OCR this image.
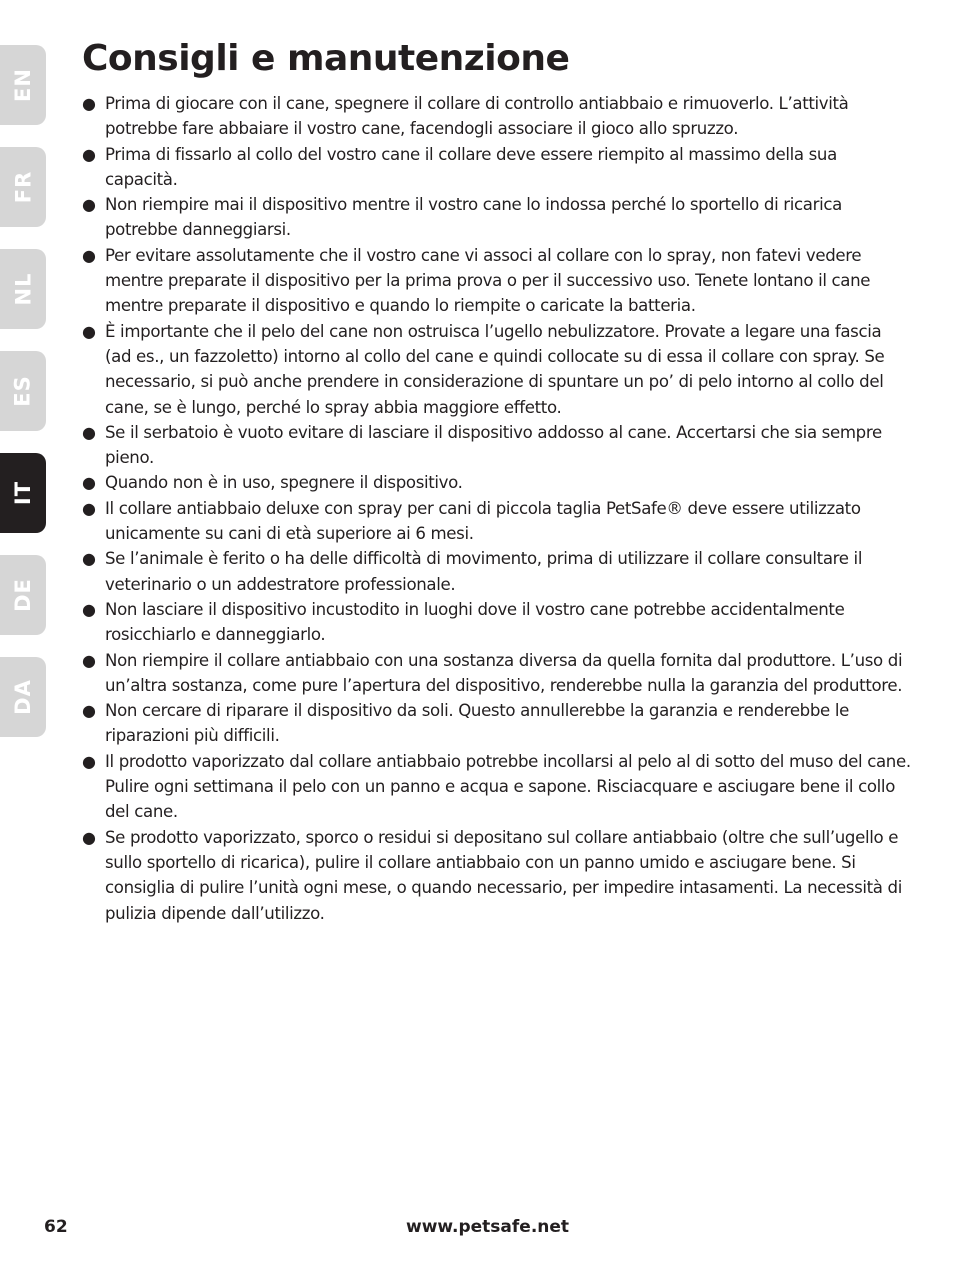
EN
FR
NL
ES
IT
DE
DA
Consigli e manutenzione
● Prima di giocare con il cane, spegnere il collare di controllo antiabbaio e rimuoverlo. L’attività potrebbe fare abbaiare il vostro cane, facendogli associare il gioco allo spruzzo.
● Prima di fissarlo al collo del vostro cane il collare deve essere riempito al massimo della sua capacità.
● Non riempire mai il dispositivo mentre il vostro cane lo indossa perché lo sportello di ricarica potrebbe danneggiarsi.
● Per evitare assolutamente che il vostro cane vi associ al collare con lo spray, non fatevi vedere mentre preparate il dispositivo per la prima prova o per il successivo uso. Tenete lontano il cane mentre preparate il dispositivo e quando lo riempite o caricate la batteria.
● È importante che il pelo del cane non ostruisca l’ugello nebulizzatore. Provate a legare una fascia (ad es., un fazzoletto) intorno al collo del cane e quindi collocate su di essa il collare con spray. Se necessario, si può anche prendere in considerazione di spuntare un po’ di pelo intorno al collo del cane, se è lungo, perché lo spray abbia maggiore effetto.
● Se il serbatoio è vuoto evitare di lasciare il dispositivo addosso al cane. Accertarsi che sia sempre pieno.
● Quando non è in uso, spegnere il dispositivo.
● Il collare antiabbaio deluxe con spray per cani di piccola taglia PetSafe® deve essere utilizzato unicamente su cani di età superiore ai 6 mesi.
● Se l’animale è ferito o ha delle difficoltà di movimento, prima di utilizzare il collare consultare il veterinario o un addestratore professionale.
● Non lasciare il dispositivo incustodito in luoghi dove il vostro cane potrebbe accidentalmente rosicchiarlo e danneggiarlo.
● Non riempire il collare antiabbaio con una sostanza diversa da quella fornita dal produttore. L’uso di un’altra sostanza, come pure l’apertura del dispositivo, renderebbe nulla la garanzia del produttore.
● Non cercare di riparare il dispositivo da soli. Questo annullerebbe la garanzia e renderebbe le riparazioni più difficili.
● Il prodotto vaporizzato dal collare antiabbaio potrebbe incollarsi al pelo al di sotto del muso del cane. Pulire ogni settimana il pelo con un panno e acqua e sapone. Risciacquare e asciugare bene il collo del cane.
● Se prodotto vaporizzato, sporco o residui si depositano sul collare antiabbaio (oltre che sull’ugello e sullo sportello di ricarica), pulire il collare antiabbaio con un panno umido e asciugare bene. Si consiglia di pulire l’unità ogni mese, o quando necessario, per impedire intasamenti. La necessità di pulizia dipende dall’utilizzo.
62	www.petsafe.net
